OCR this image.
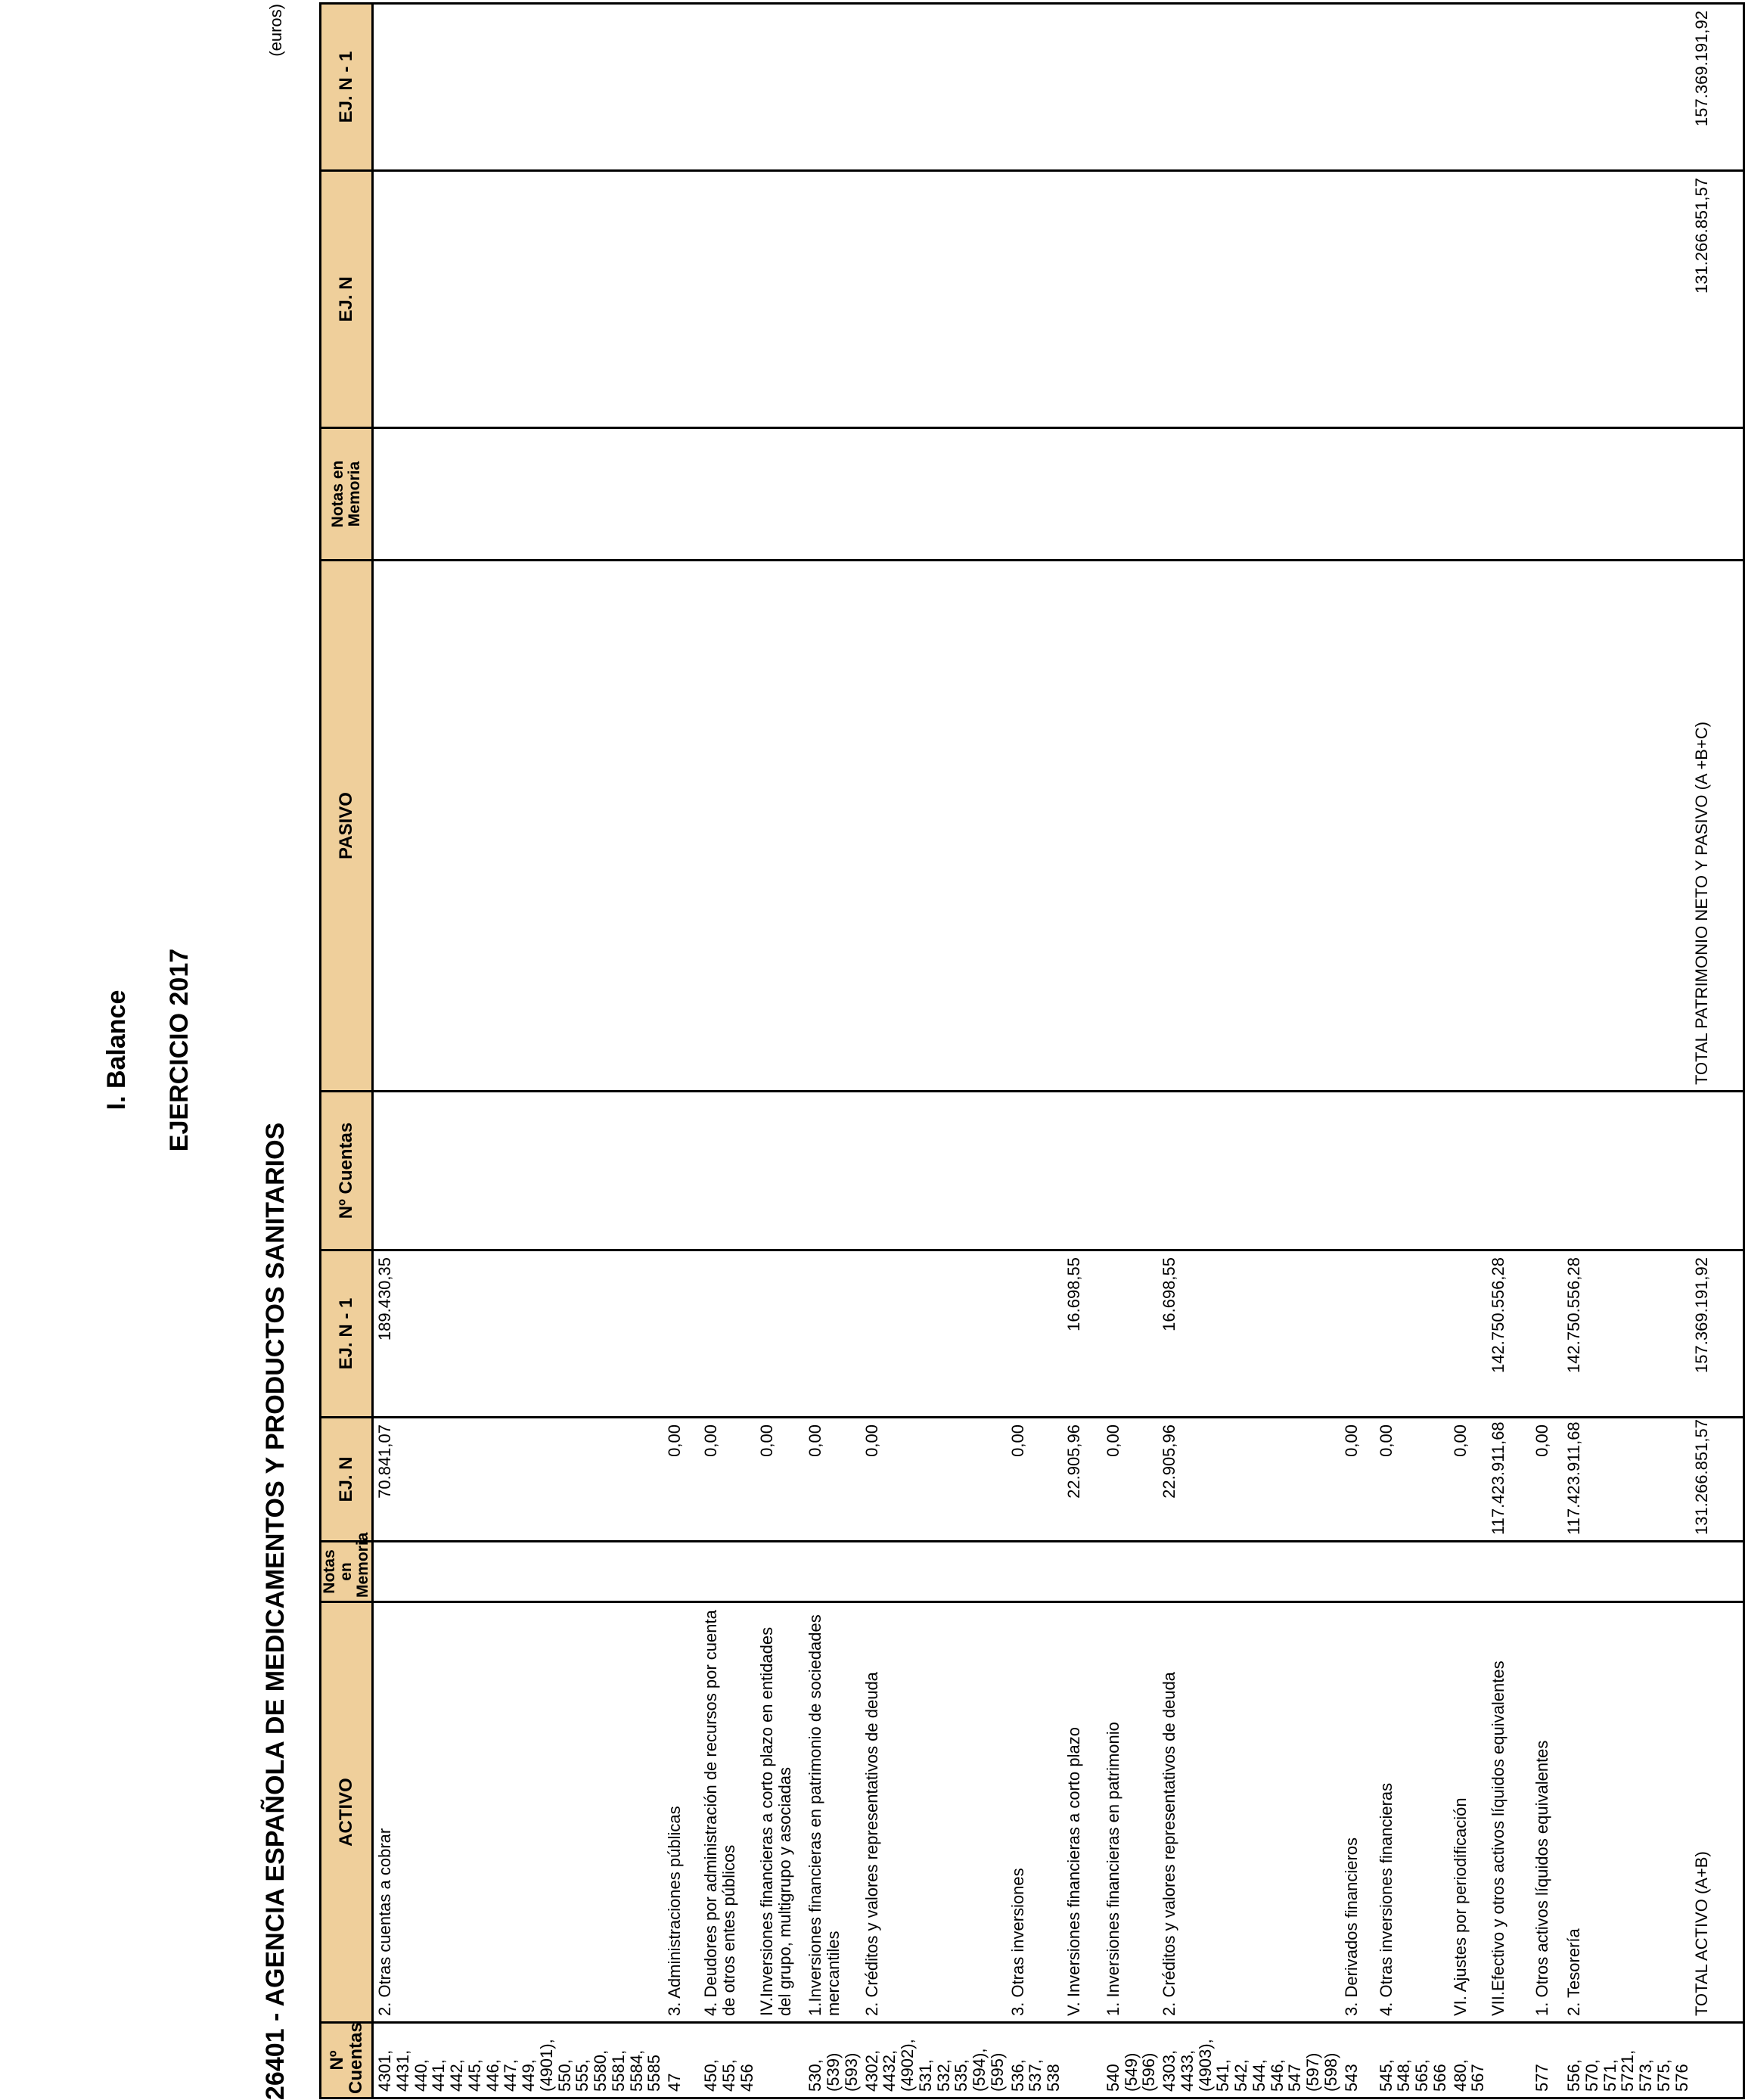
I. Balance EJERCICIO 2017
26401 - AGENCIA ESPAÑOLA DE MEDICAMENTOS Y PRODUCTOS SANITARIOS
(euros)
Nº Cuentas	ACTIVO	Notas en Memoria	EJ. N	EJ. N - 1	Nº Cuentas	PASIVO	Notas en Memoria	EJ. N	EJ. N - 1
4301, 4431, 440, 441, 442, 445, 446, 447, 449, (4901), 550, 555, 5580, 5581, 5584, 5585	2. Otras cuentas a cobrar		70.841,07	189.430,35					
47	3. Administraciones públicas		0,00						
450, 455, 456	4. Deudores por administración de recursos por cuenta de otros entes públicos		0,00						
	IV.Inversiones financieras a corto plazo en entidades del grupo, multigrupo y asociadas		0,00						
530, (539) (593)	1.Inversiones financieras en patrimonio de sociedades mercantiles		0,00						
4302, 4432, (4902), 531, 532, 535, (594), (595)	2. Créditos y valores representativos de deuda		0,00						
536, 537, 538	3. Otras inversiones		0,00						
	V. Inversiones financieras a corto plazo		22.905,96	16.698,55					
540 (549) (596)	1. Inversiones financieras en patrimonio		0,00						
4303, 4433, (4903), 541, 542, 544, 546, 547 (597) (598)	2. Créditos y valores representativos de deuda		22.905,96	16.698,55					
543	3. Derivados financieros		0,00						
545, 548, 565, 566	4. Otras inversiones financieras		0,00						
480, 567	VI. Ajustes por periodificación		0,00						
	VII.Efectivo y otros activos líquidos equivalentes		117.423.911,68	142.750.556,28					
577	1. Otros activos líquidos equivalentes		0,00						
556, 570, 571, 5721, 573, 575, 576	2. Tesorería		117.423.911,68	142.750.556,28					
	TOTAL ACTIVO (A+B)		131.266.851,57	157.369.191,92		TOTAL PATRIMONIO NETO Y PASIVO (A +B+C)		131.266.851,57	157.369.191,92
